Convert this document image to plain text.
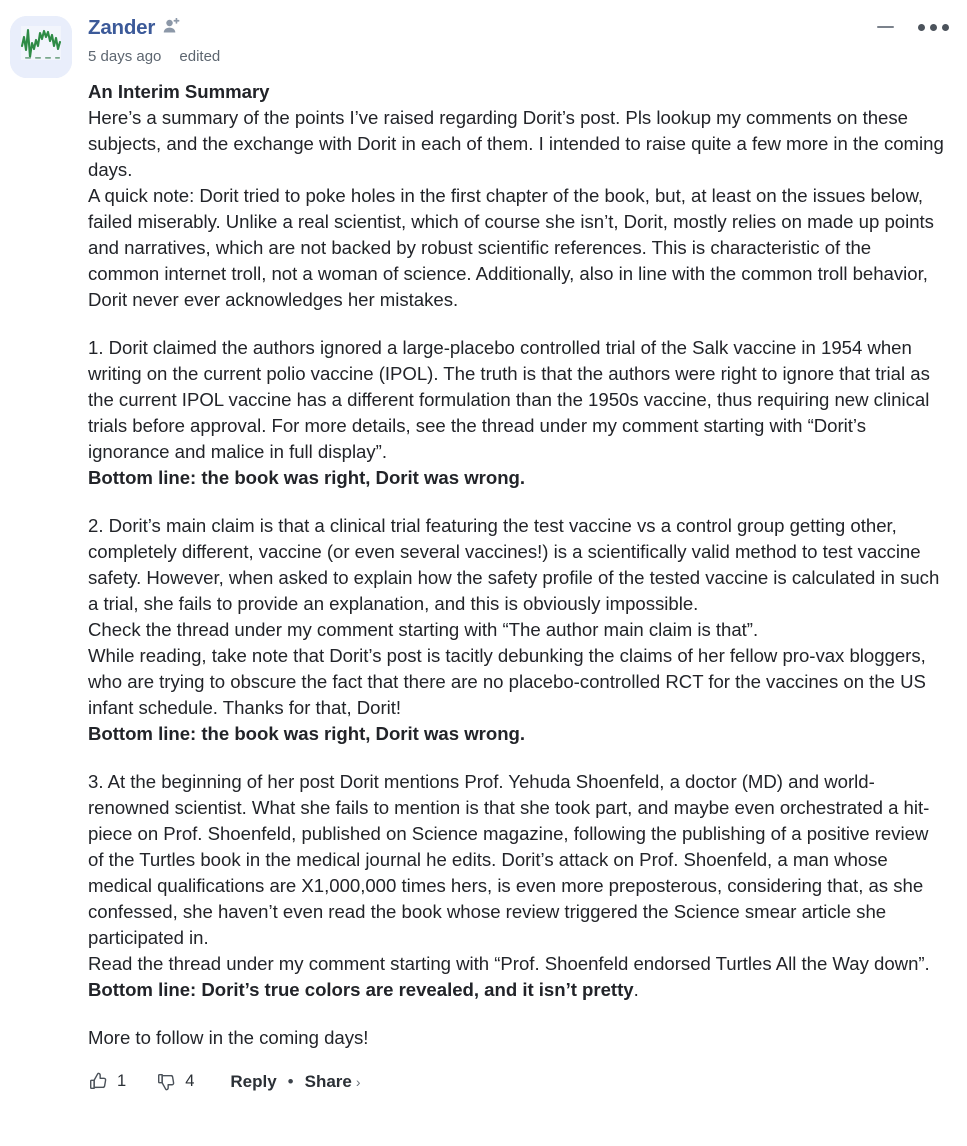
Zander
5 days ago edited

An Interim Summary

Here’s a summary of the points I’ve raised regarding Dorit’s post. Pls lookup my comments on these subjects, and the exchange with Dorit in each of them. I intended to raise quite a few more in the coming days.

A quick note: Dorit tried to poke holes in the first chapter of the book, but, at least on the issues below, failed miserably. Unlike a real scientist, which of course she isn’t, Dorit, mostly relies on made up points and narratives, which are not backed by robust scientific references. This is characteristic of the common internet troll, not a woman of science. Additionally, also in line with the common troll behavior, Dorit never ever acknowledges her mistakes.

1. Dorit claimed the authors ignored a large-placebo controlled trial of the Salk vaccine in 1954 when writing on the current polio vaccine (IPOL). The truth is that the authors were right to ignore that trial as the current IPOL vaccine has a different formulation than the 1950s vaccine, thus requiring new clinical trials before approval. For more details, see the thread under my comment starting with “Dorit’s ignorance and malice in full display”.

Bottom line: the book was right, Dorit was wrong.

2. Dorit’s main claim is that a clinical trial featuring the test vaccine vs a control group getting other, completely different, vaccine (or even several vaccines!) is a scientifically valid method to test vaccine safety. However, when asked to explain how the safety profile of the tested vaccine is calculated in such a trial, she fails to provide an explanation, and this is obviously impossible.

Check the thread under my comment starting with “The author main claim is that”.

While reading, take note that Dorit’s post is tacitly debunking the claims of her fellow pro-vax bloggers, who are trying to obscure the fact that there are no placebo-controlled RCT for the vaccines on the US infant schedule. Thanks for that, Dorit!

Bottom line: the book was right, Dorit was wrong.

3. At the beginning of her post Dorit mentions Prof. Yehuda Shoenfeld, a doctor (MD) and world-renowned scientist. What she fails to mention is that she took part, and maybe even orchestrated a hit-piece on Prof. Shoenfeld, published on Science magazine, following the publishing of a positive review of the Turtles book in the medical journal he edits. Dorit’s attack on Prof. Shoenfeld, a man whose medical qualifications are X1,000,000 times hers, is even more preposterous, considering that, as she confessed, she haven’t even read the book whose review triggered the Science smear article she participated in.

Read the thread under my comment starting with “Prof. Shoenfeld endorsed Turtles All the Way down”.

Bottom line: Dorit’s true colors are revealed, and it isn’t pretty.

More to follow in the coming days!

1	4 Reply • Share ›
